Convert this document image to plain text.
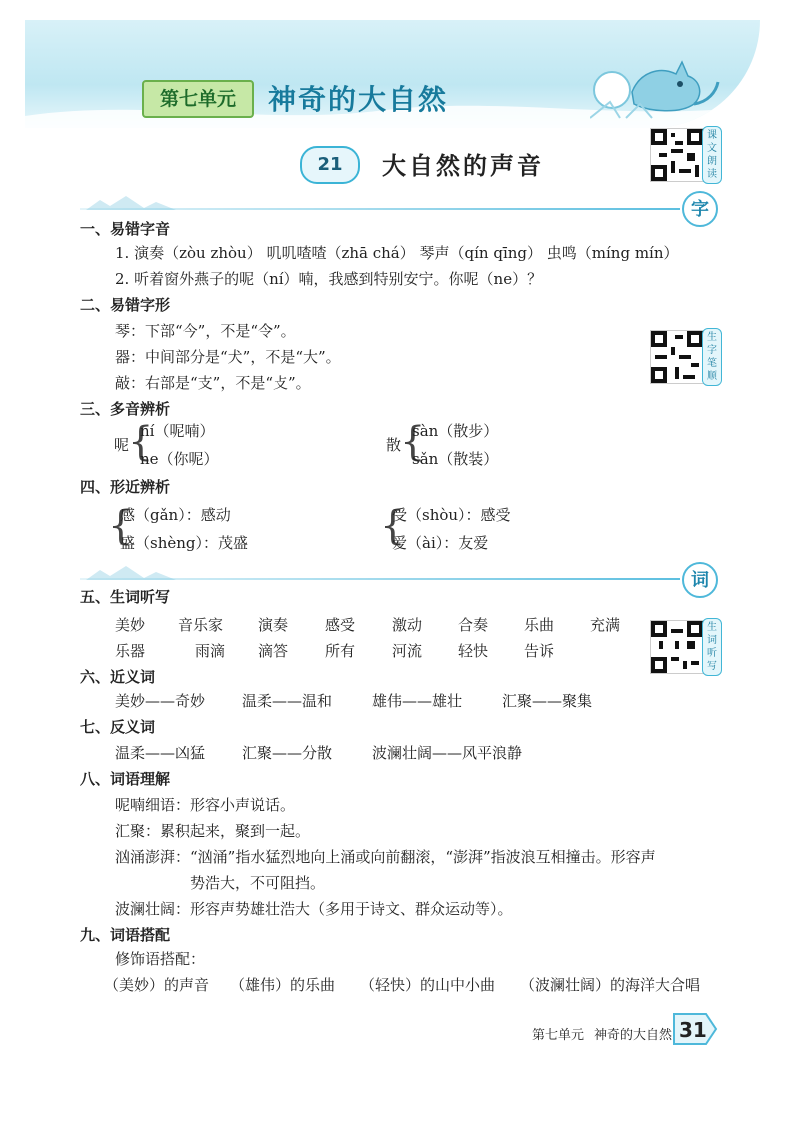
第七单元	神奇的大自然
21	大自然的声音
课文朗读
生字笔顺
生词听写
字
一、易错字音
1. 演奏（zòu zhòu） 叽叽喳喳（zhā chá） 琴声（qín qīng） 虫鸣（míng mín）
2. 听着窗外燕子的呢（ní）喃，我感到特别安宁。你呢（ne）？
二、易错字形
琴：下部“今”，不是“令”。
器：中间部分是“犬”，不是“大”。
敲：右部是“支”，不是“攴”。
三、多音辨析
呢
{
ní（呢喃）
ne（你呢）
散
{
sàn（散步）
sǎn（散装）
四、形近辨析
{
感（gǎn）：感动
盛（shèng）：茂盛	{
受（shòu）：感受
爱（ài）：友爱
词
五、生词听写
美妙 音乐家 演奏 感受 激动 合奏 乐曲 充满
乐器	雨滴 滴答 所有 河流 轻快 告诉
六、近义词
美妙——奇妙 温柔——温和	雄伟——雄壮	汇聚——聚集
七、反义词
温柔——凶猛 汇聚——分散	波澜壮阔——风平浪静
八、词语理解
呢喃细语：形容小声说话。
汇聚：累积起来，聚到一起。
汹涌澎湃：“汹涌”指水猛烈地向上涌或向前翻滚，“澎湃”指波浪互相撞击。形容声
势浩大，不可阻挡。
波澜壮阔：形容声势雄壮浩大（多用于诗文、群众运动等）。
九、词语搭配
修饰语搭配：
（美妙）的声音 （雄伟）的乐曲 （轻快）的山中小曲 （波澜壮阔）的海洋大合唱
第七单元 神奇的大自然 31
